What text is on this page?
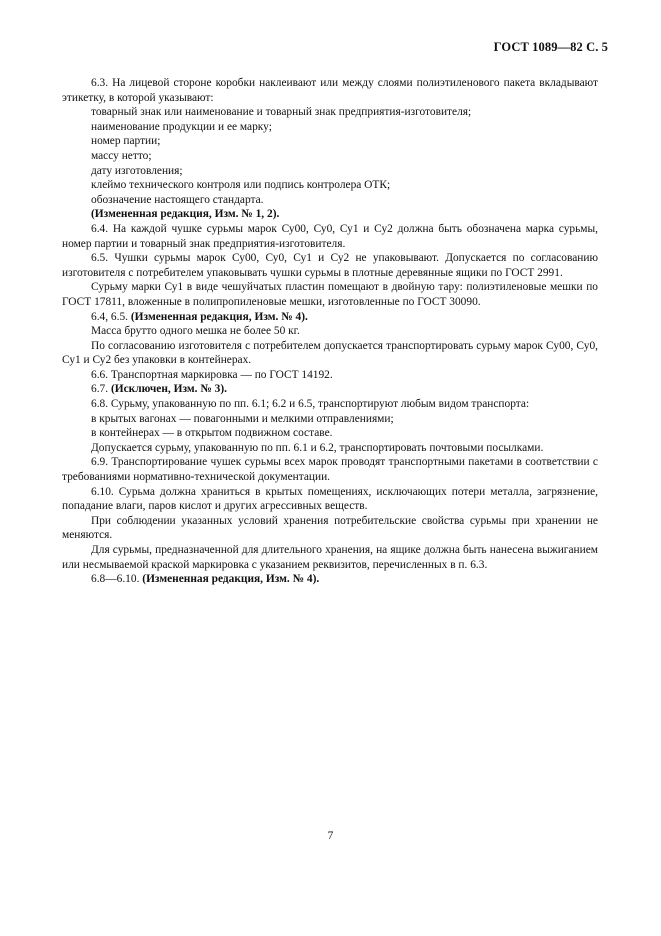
ГОСТ 1089—82 С. 5

6.3. На лицевой стороне коробки наклеивают или между слоями полиэтиленового пакета вкладывают этикетку, в которой указывают:

товарный знак или наименование и товарный знак предприятия-изготовителя;

наименование продукции и ее марку;

номер партии;

массу нетто;

дату изготовления;

клеймо технического контроля или подпись контролера ОТК;

обозначение настоящего стандарта.

(Измененная редакция, Изм. № 1, 2).

6.4. На каждой чушке сурьмы марок Су00, Су0, Су1 и Су2 должна быть обозначена марка сурьмы, номер партии и товарный знак предприятия-изготовителя.

6.5. Чушки сурьмы марок Су00, Су0, Су1 и Су2 не упаковывают. Допускается по согласованию изготовителя с потребителем упаковывать чушки сурьмы в плотные деревянные ящики по ГОСТ 2991.

Сурьму марки Су1 в виде чешуйчатых пластин помещают в двойную тару: полиэтиленовые мешки по ГОСТ 17811, вложенные в полипропиленовые мешки, изготовленные по ГОСТ 30090.

6.4, 6.5. (Измененная редакция, Изм. № 4).

Масса брутто одного мешка не более 50 кг.

По согласованию изготовителя с потребителем допускается транспортировать сурьму марок Су00, Су0, Су1 и Су2 без упаковки в контейнерах.

6.6. Транспортная маркировка — по ГОСТ 14192.

6.7. (Исключен, Изм. № 3).

6.8. Сурьму, упакованную по пп. 6.1; 6.2 и 6.5, транспортируют любым видом транспорта:

в крытых вагонах — повагонными и мелкими отправлениями;

в контейнерах — в открытом подвижном составе.

Допускается сурьму, упакованную по пп. 6.1 и 6.2, транспортировать почтовыми посылками.

6.9. Транспортирование чушек сурьмы всех марок проводят транспортными пакетами в соответствии с требованиями нормативно-технической документации.

6.10. Сурьма должна храниться в крытых помещениях, исключающих потери металла, загрязнение, попадание влаги, паров кислот и других агрессивных веществ.

При соблюдении указанных условий хранения потребительские свойства сурьмы при хранении не меняются.

Для сурьмы, предназначенной для длительного хранения, на ящике должна быть нанесена выжиганием или несмываемой краской маркировка с указанием реквизитов, перечисленных в п. 6.3.

6.8—6.10. (Измененная редакция, Изм. № 4).

7
